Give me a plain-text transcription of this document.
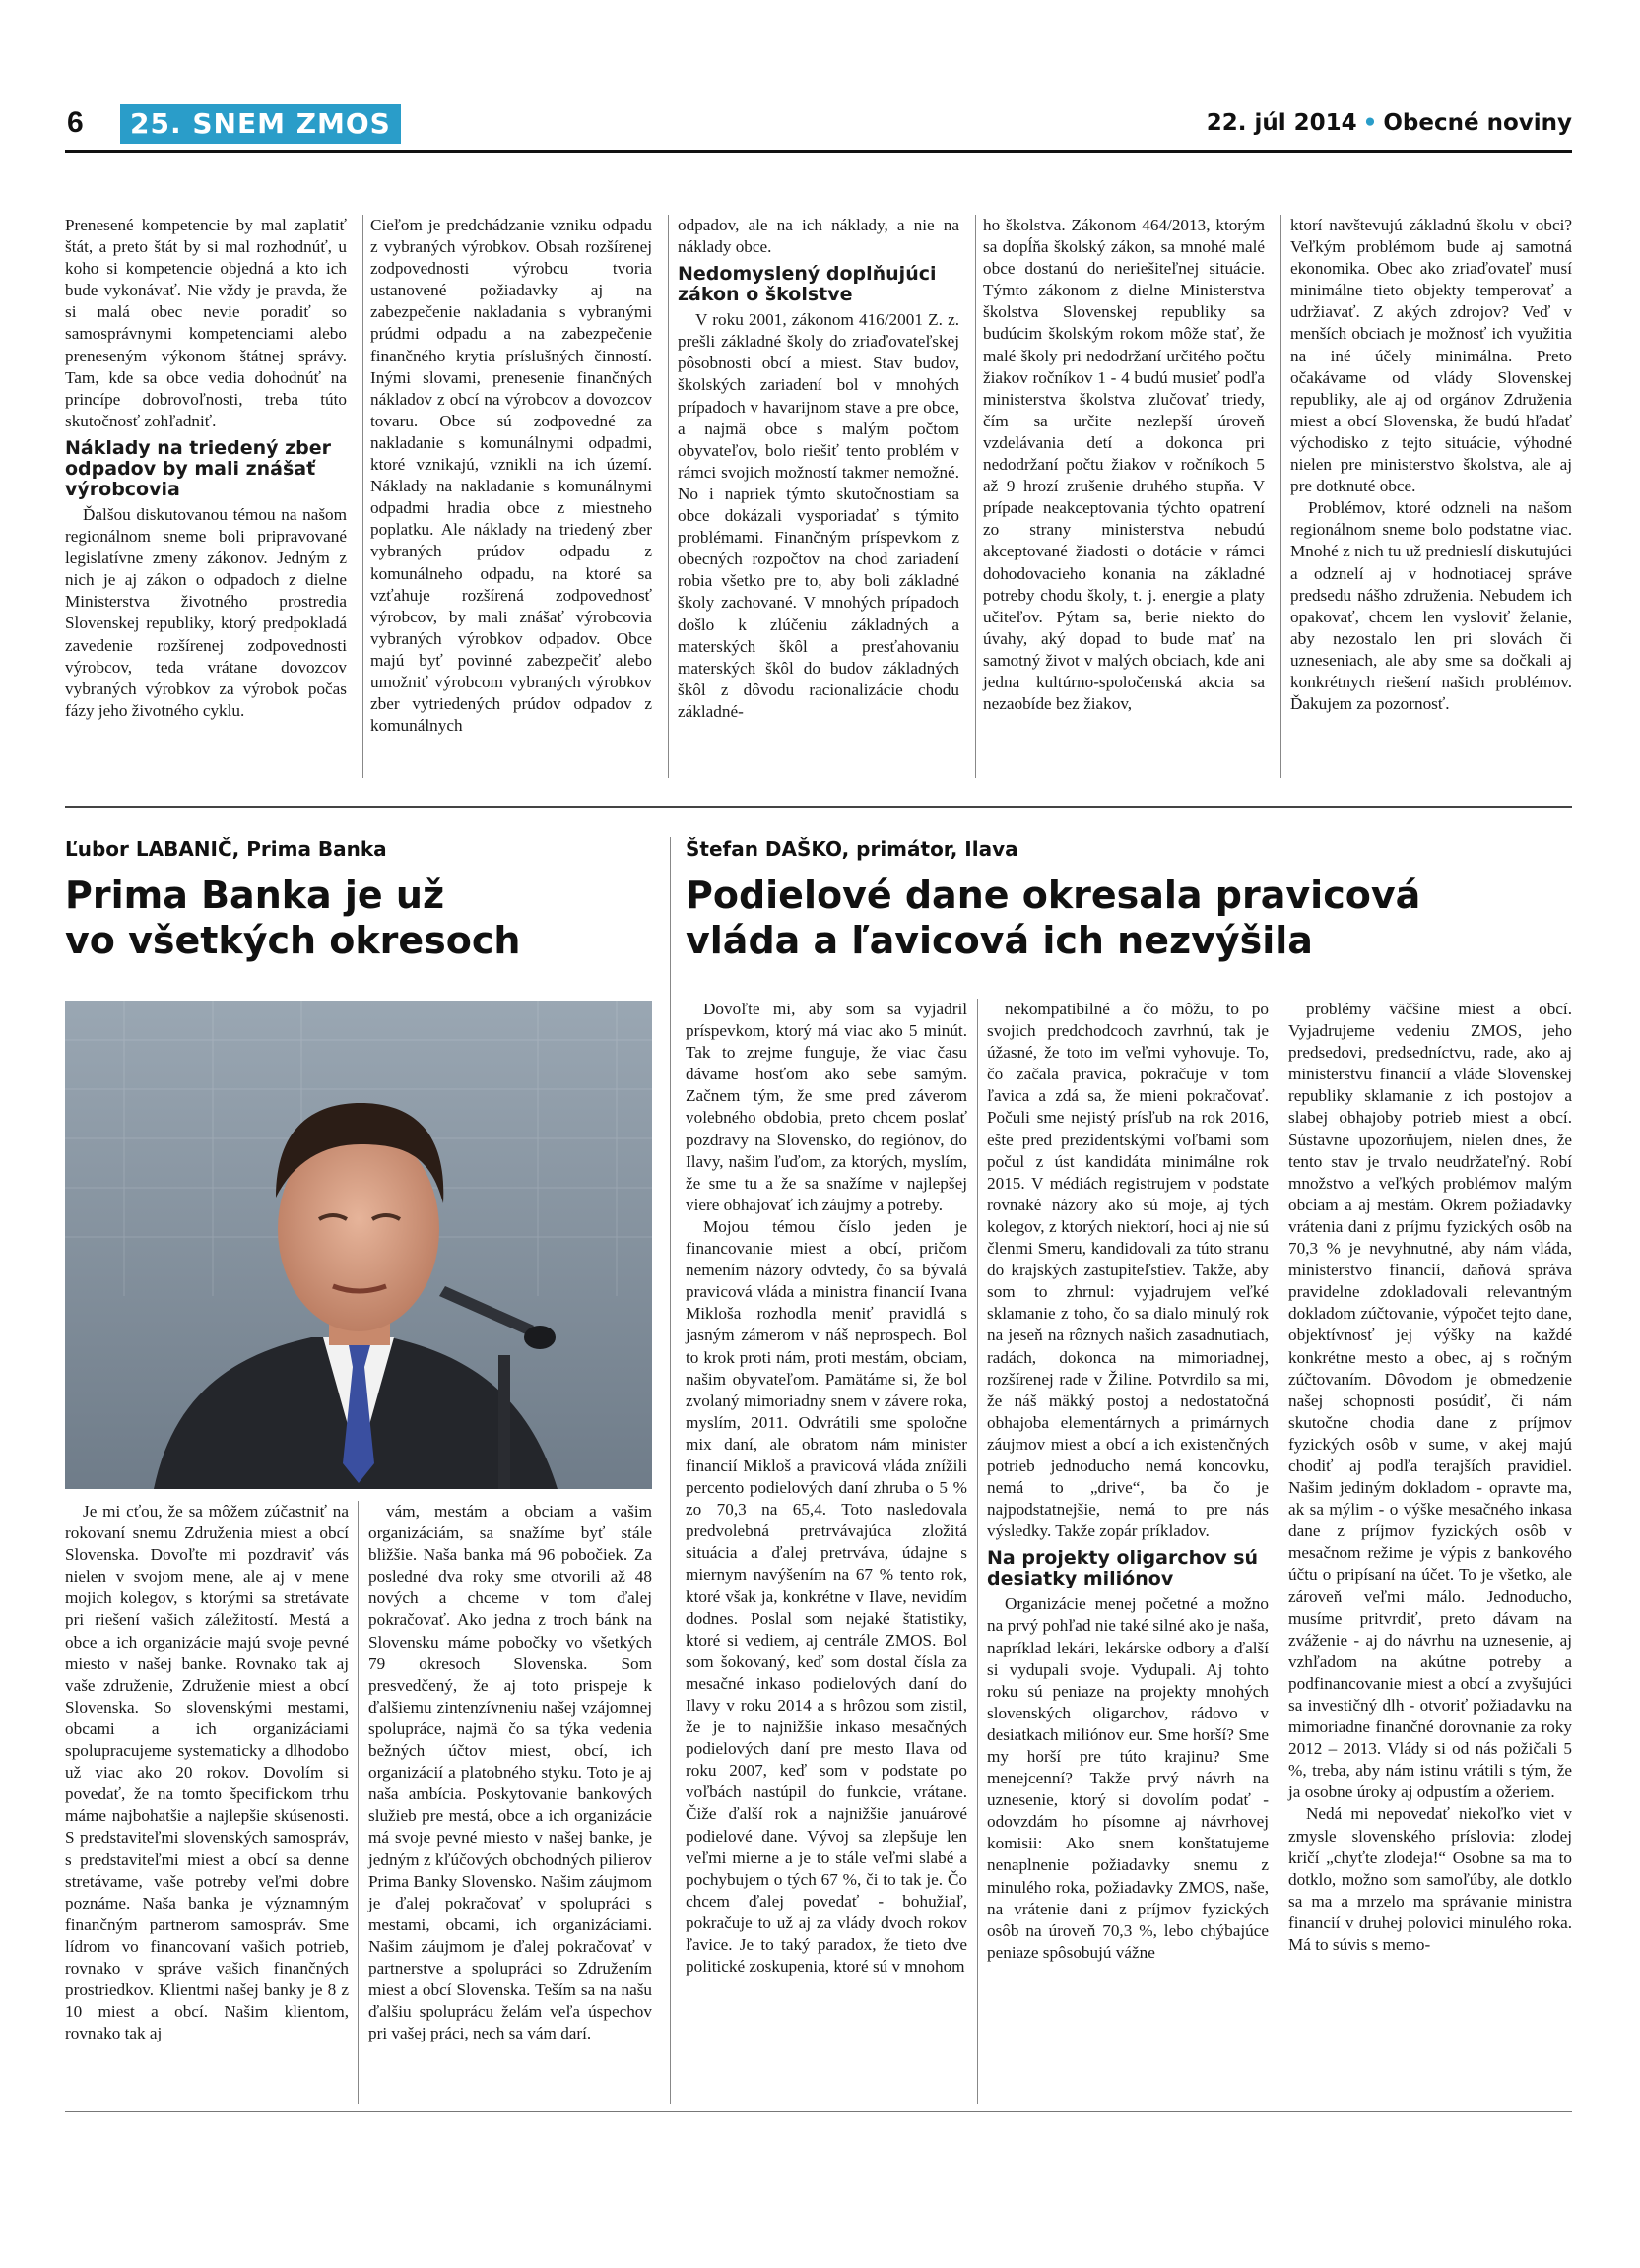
6	25. SNEM ZMOS	22. júl 2014 • Obecné noviny

Prenesené kompetencie by mal zaplatiť štát, a preto štát by si mal rozhodnúť, u koho si kompetencie objedná a kto ich bude vykonávať. Nie vždy je pravda, že si malá obec nevie poradiť so samosprávnymi kompetenciami alebo preneseným výkonom štátnej správy. Tam, kde sa obce vedia dohodnúť na princípe dobrovoľnosti, treba túto skutočnosť zohľadniť.

Náklady na triedený zber odpadov by mali znášať výrobcovia

Ďalšou diskutovanou témou na našom regionálnom sneme boli pripravované legislatívne zmeny zákonov. Jedným z nich je aj zákon o odpadoch z dielne Ministerstva životného prostredia Slovenskej republiky, ktorý predpokladá zavedenie rozšírenej zodpovednosti výrobcov, teda vrátane dovozcov vybraných výrobkov za výrobok počas fázy jeho životného cyklu.

Cieľom je predchádzanie vzniku odpadu z vybraných výrobkov. Obsah rozšírenej zodpovednosti výrobcu tvoria ustanovené požiadavky aj na zabezpečenie nakladania s vybranými prúdmi odpadu a na zabezpečenie finančného krytia príslušných činností. Inými slovami, prenesenie finančných nákladov z obcí na výrobcov a dovozcov tovaru. Obce sú zodpovedné za nakladanie s komunálnymi odpadmi, ktoré vznikajú, vznikli na ich území. Náklady na nakladanie s komunálnymi odpadmi hradia obce z miestneho poplatku. Ale náklady na triedený zber vybraných prúdov odpadu z komunálneho odpadu, na ktoré sa vzťahuje rozšírená zodpovednosť výrobcov, by mali znášať výrobcovia vybraných výrobkov odpadov. Obce majú byť povinné zabezpečiť alebo umožniť výrobcom vybraných výrobkov zber vytriedených prúdov odpadov z komunálnych

odpadov, ale na ich náklady, a nie na náklady obce.

Nedomyslený doplňujúci zákon o školstve

V roku 2001, zákonom 416/2001 Z. z. prešli základné školy do zriaďovateľskej pôsobnosti obcí a miest. Stav budov, školských zariadení bol v mnohých prípadoch v havarijnom stave a pre obce, a najmä obce s malým počtom obyvateľov, bolo riešiť tento problém v rámci svojich možností takmer nemožné. No i napriek týmto skutočnostiam sa obce dokázali vysporiadať s týmito problémami. Finančným príspevkom z obecných rozpočtov na chod zariadení robia všetko pre to, aby boli základné školy zachované. V mnohých prípadoch došlo k zlúčeniu základných a materských škôl a presťahovaniu materských škôl do budov základných škôl z dôvodu racionalizácie chodu základné-

ho školstva. Zákonom 464/2013, ktorým sa dopĺňa školský zákon, sa mnohé malé obce dostanú do neriešiteľnej situácie. Týmto zákonom z dielne Ministerstva školstva Slovenskej republiky sa budúcim školským rokom môže stať, že malé školy pri nedodržaní určitého počtu žiakov ročníkov 1 - 4 budú musieť podľa ministerstva školstva zlučovať triedy, čím sa určite nezlepší úroveň vzdelávania detí a dokonca pri nedodržaní počtu žiakov v ročníkoch 5 až 9 hrozí zrušenie druhého stupňa. V prípade neakceptovania týchto opatrení zo strany ministerstva nebudú akceptované žiadosti o dotácie v rámci dohodovacieho konania na základné potreby chodu školy, t. j. energie a platy učiteľov. Pýtam sa, berie niekto do úvahy, aký dopad to bude mať na samotný život v malých obciach, kde ani jedna kultúrno-spoločenská akcia sa nezaobíde bez žiakov,

ktorí navštevujú základnú školu v obci? Veľkým problémom bude aj samotná ekonomika. Obec ako zriaďovateľ musí minimálne tieto objekty temperovať a udržiavať. Z akých zdrojov? Veď v menších obciach je možnosť ich využitia na iné účely minimálna. Preto očakávame od vlády Slovenskej republiky, ale aj od orgánov Združenia miest a obcí Slovenska, že budú hľadať východisko z tejto situácie, výhodné nielen pre ministerstvo školstva, ale aj pre dotknuté obce.

Problémov, ktoré odzneli na našom regionálnom sneme bolo podstatne viac. Mnohé z nich tu už prednieslí diskutujúci a odznelí aj v hodnotiacej správe predsedu nášho združenia. Nebudem ich opakovať, chcem len vysloviť želanie, aby nezostalo len pri slovách či uzneseniach, ale aby sme sa dočkali aj konkrétnych riešení našich problémov. Ďakujem za pozornosť.

Ľubor LABANIČ, Prima Banka
Prima Banka je už
vo všetkých okresoch
Štefan DAŠKO, primátor, Ilava
Podielové dane okresala pravicová
vláda a ľavicová ich nezvýšila

Je mi cťou, že sa môžem zúčastniť na rokovaní snemu Združenia miest a obcí Slovenska. Dovoľte mi pozdraviť vás nielen v svojom mene, ale aj v mene mojich kolegov, s ktorými sa stretávate pri riešení vašich záležitostí. Mestá a obce a ich organizácie majú svoje pevné miesto v našej banke. Rovnako tak aj vaše združenie, Združenie miest a obcí Slovenska. So slovenskými mestami, obcami a ich organizáciami spolupracujeme systematicky a dlhodobo už viac ako 20 rokov. Dovolím si povedať, že na tomto špecifickom trhu máme najbohatšie a najlepšie skúsenosti. S predstaviteľmi slovenských samospráv, s predstaviteľmi miest a obcí sa denne stretávame, vaše potreby veľmi dobre poznáme. Naša banka je významným finančným partnerom samospráv. Sme lídrom vo financovaní vašich potrieb, rovnako v správe vašich finančných prostriedkov. Klientmi našej banky je 8 z 10 miest a obcí. Našim klientom, rovnako tak aj

vám, mestám a obciam a vašim organizáciám, sa snažíme byť stále bližšie. Naša banka má 96 pobočiek. Za posledné dva roky sme otvorili až 48 nových a chceme v tom ďalej pokračovať. Ako jedna z troch bánk na Slovensku máme pobočky vo všetkých 79 okresoch Slovenska. Som presvedčený, že aj toto prispeje k ďalšiemu zintenzívneniu našej vzájomnej spolupráce, najmä čo sa týka vedenia bežných účtov miest, obcí, ich organizácií a platobného styku. Toto je aj naša ambícia. Poskytovanie bankových služieb pre mestá, obce a ich organizácie má svoje pevné miesto v našej banke, je jedným z kľúčových obchodných pilierov Prima Banky Slovensko. Našim záujmom je ďalej pokračovať v spolupráci s mestami, obcami, ich organizáciami. Našim záujmom je ďalej pokračovať v partnerstve a spolupráci so Združením miest a obcí Slovenska. Teším sa na našu ďalšiu spoluprácu želám veľa úspechov pri vašej práci, nech sa vám darí.

Dovoľte mi, aby som sa vyjadril príspevkom, ktorý má viac ako 5 minút. Tak to zrejme funguje, že viac času dávame hosťom ako sebe samým. Začnem tým, že sme pred záverom volebného obdobia, preto chcem poslať pozdravy na Slovensko, do regiónov, do Ilavy, našim ľuďom, za ktorých, myslím, že sme tu a že sa snažíme v najlepšej viere obhajovať ich záujmy a potreby.

Mojou témou číslo jeden je financovanie miest a obcí, pričom nemením názory odvtedy, čo sa bývalá pravicová vláda a ministra financií Ivana Mikloša rozhodla meniť pravidlá s jasným zámerom v náš neprospech. Bol to krok proti nám, proti mestám, obciam, našim obyvateľom. Pamätáme si, že bol zvolaný mimoriadny snem v závere roka, myslím, 2011. Odvrátili sme spoločne mix daní, ale obratom nám minister financií Mikloš a pravicová vláda znížili percento podielových daní zhruba o 5 % zo 70,3 na 65,4. Toto nasledovala predvolebná pretrvávajúca zložitá situácia a ďalej pretrváva, údajne s miernym navýšením na 67 % tento rok, ktoré však ja, konkrétne v Ilave, nevidím dodnes. Poslal som nejaké štatistiky, ktoré si vediem, aj centrále ZMOS. Bol som šokovaný, keď som dostal čísla za mesačné inkaso podielových daní do Ilavy v roku 2014 a s hrôzou som zistil, že je to najnižšie inkaso mesačných podielových daní pre mesto Ilava od roku 2007, keď som v podstate po voľbách nastúpil do funkcie, vrátane. Čiže ďalší rok a najnižšie januárové podielové dane. Vývoj sa zlepšuje len veľmi mierne a je to stále veľmi slabé a pochybujem o tých 67 %, či to tak je. Čo chcem ďalej povedať - bohužiaľ, pokračuje to už aj za vlády dvoch rokov ľavice. Je to taký paradox, že tieto dve politické zoskupenia, ktoré sú v mnohom

nekompatibilné a čo môžu, to po svojich predchodcoch zavrhnú, tak je úžasné, že toto im veľmi vyhovuje. To, čo začala pravica, pokračuje v tom ľavica a zdá sa, že mieni pokračovať. Počuli sme nejistý prísľub na rok 2016, ešte pred prezidentskými voľbami som počul z úst kandidáta minimálne rok 2015. V médiách registrujem v podstate rovnaké názory ako sú moje, aj tých kolegov, z ktorých niektorí, hoci aj nie sú členmi Smeru, kandidovali za túto stranu do krajských zastupiteľstiev. Takže, aby som to zhrnul: vyjadrujem veľké sklamanie z toho, čo sa dialo minulý rok na jeseň na rôznych našich zasadnutiach, radách, dokonca na mimoriadnej, rozšírenej rade v Žiline. Potvrdilo sa mi, že náš mäkký postoj a nedostatočná obhajoba elementárnych a primárnych záujmov miest a obcí a ich existenčných potrieb jednoducho nemá koncovku, nemá to „drive“, ba čo je najpodstatnejšie, nemá to pre nás výsledky. Takže zopár príkladov.

Na projekty oligarchov sú desiatky miliónov

Organizácie menej početné a možno na prvý pohľad nie také silné ako je naša, napríklad lekári, lekárske odbory a ďalší si vydupali svoje. Vydupali. Aj tohto roku sú peniaze na projekty mnohých slovenských oligarchov, rádovo v desiatkach miliónov eur. Sme horší? Sme my horší pre túto krajinu? Sme menejcenní? Takže prvý návrh na uznesenie, ktorý si dovolím podať - odovzdám ho písomne aj návrhovej komisii: Ako snem konštatujeme nenaplnenie požiadavky snemu z minulého roka, požiadavky ZMOS, naše, na vrátenie dani z príjmov fyzických osôb na úroveň 70,3 %, lebo chýbajúce peniaze spôsobujú vážne

problémy väčšine miest a obcí. Vyjadrujeme vedeniu ZMOS, jeho predsedovi, predsedníctvu, rade, ako aj ministerstvu financií a vláde Slovenskej republiky sklamanie z ich postojov a slabej obhajoby potrieb miest a obcí. Sústavne upozorňujem, nielen dnes, že tento stav je trvalo neudržateľný. Robí množstvo a veľkých problémov malým obciam a aj mestám. Okrem požiadavky vrátenia dani z príjmu fyzických osôb na 70,3 % je nevyhnutné, aby nám vláda, ministerstvo financií, daňová správa pravidelne zdokladovali relevantným dokladom zúčtovanie, výpočet tejto dane, objektívnosť jej výšky na každé konkrétne mesto a obec, aj s ročným zúčtovaním. Dôvodom je obmedzenie našej schopnosti posúdiť, či nám skutočne chodia dane z príjmov fyzických osôb v sume, v akej majú chodiť aj podľa terajších pravidiel. Našim jediným dokladom - opravte ma, ak sa mýlim - o výške mesačného inkasa dane z príjmov fyzických osôb v mesačnom režime je výpis z bankového účtu o pripísaní na účet. To je všetko, ale zároveň veľmi málo. Jednoducho, musíme pritvrdiť, preto dávam na zváženie - aj do návrhu na uznesenie, aj vzhľadom na akútne potreby a podfinancovanie miest a obcí a zvyšujúci sa investičný dlh - otvoriť požiadavku na mimoriadne finančné dorovnanie za roky 2012 – 2013. Vlády si od nás požičali 5 %, treba, aby nám istinu vrátili s tým, že ja osobne úroky aj odpustím a ožeriem.

Nedá mi nepovedať niekoľko viet v zmysle slovenského príslovia: zlodej kričí „chyťte zlodeja!“ Osobne sa ma to dotklo, možno som samoľúby, ale dotklo sa ma a mrzelo ma správanie ministra financií v druhej polovici minulého roka. Má to súvis s memo-
